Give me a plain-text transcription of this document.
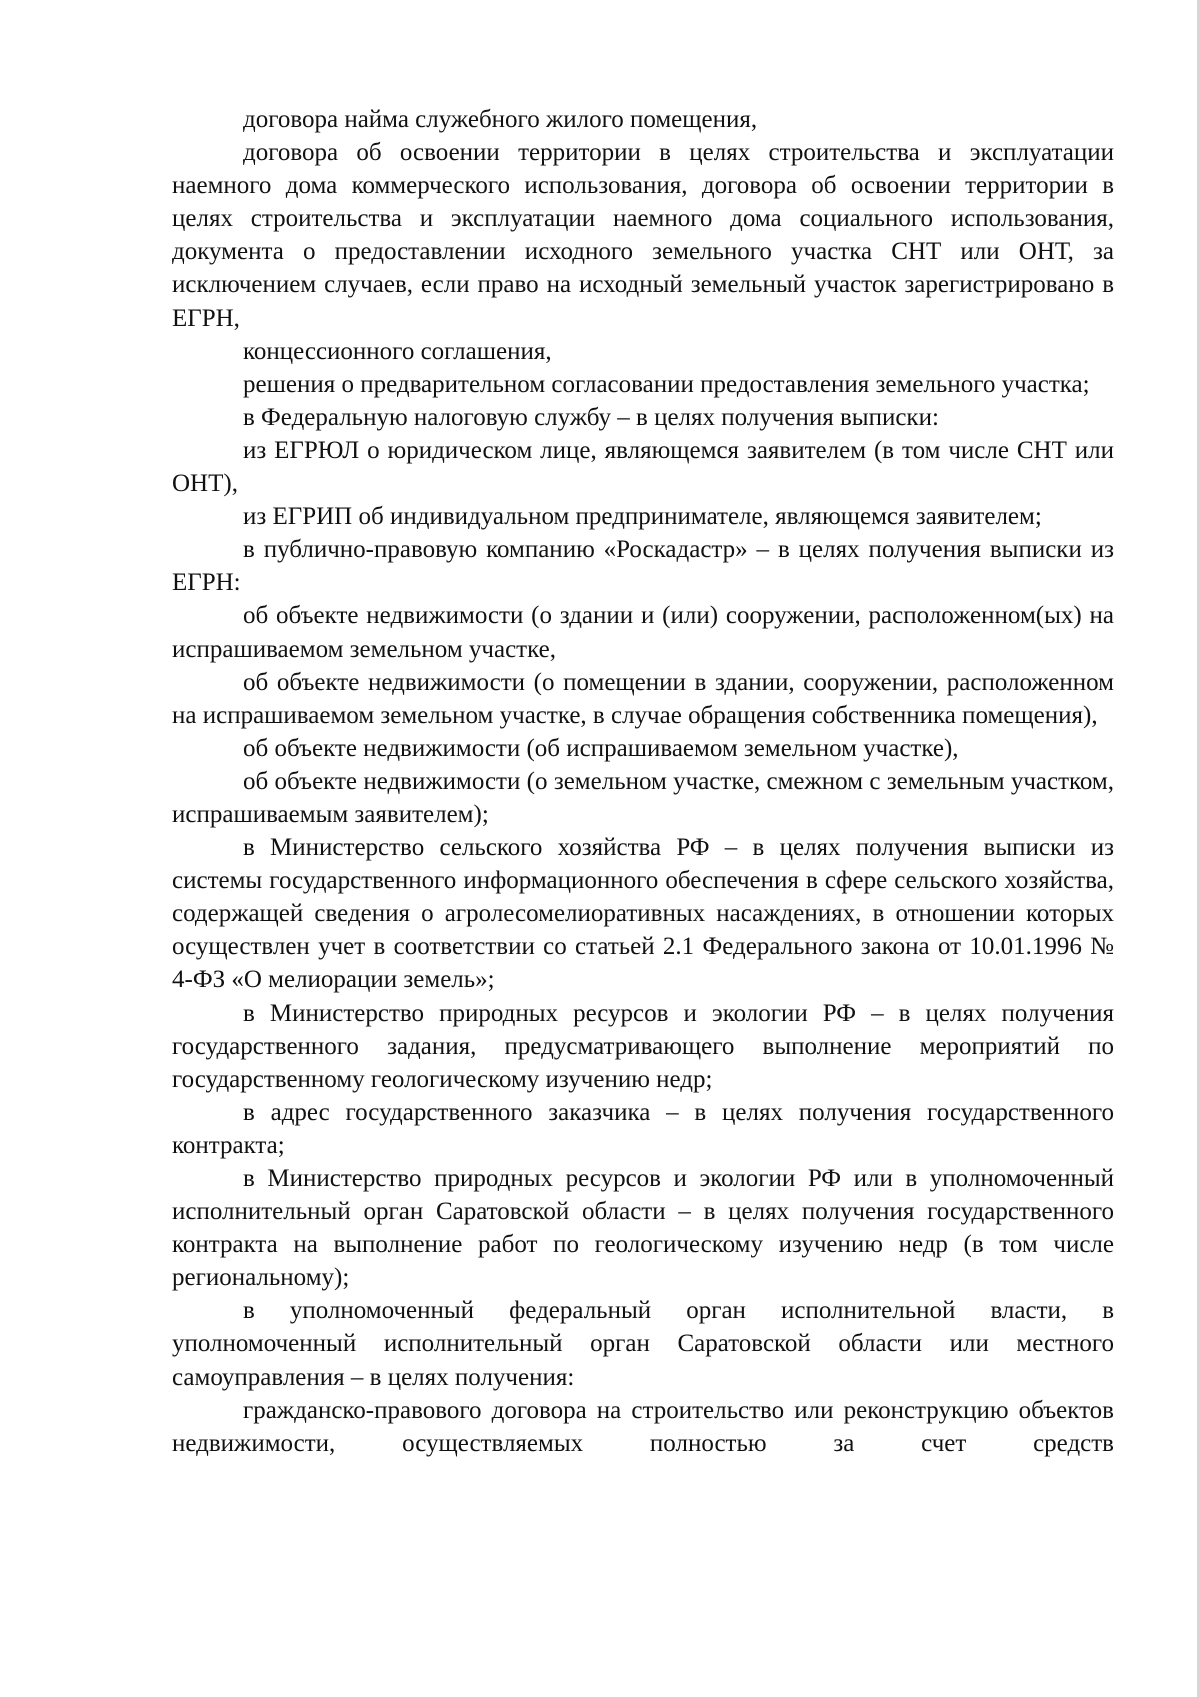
договора найма служебного жилого помещения,

договора об освоении территории в целях строительства и эксплуатации наемного дома коммерческого использования, договора об освоении территории в целях строительства и эксплуатации наемного дома социального использования, документа о предоставлении исходного земельного участка СНТ или ОНТ, за исключением случаев, если право на исходный земельный участок зарегистрировано в ЕГРН,

концессионного соглашения,

решения о предварительном согласовании предоставления земельного участка;

в Федеральную налоговую службу – в целях получения выписки:

из ЕГРЮЛ о юридическом лице, являющемся заявителем (в том числе СНТ или ОНТ),

из ЕГРИП об индивидуальном предпринимателе, являющемся заявителем;

в публично-правовую компанию «Роскадастр» – в целях получения выписки из ЕГРН:

об объекте недвижимости (о здании и (или) сооружении, расположенном(ых) на испрашиваемом земельном участке,

об объекте недвижимости (о помещении в здании, сооружении, расположенном на испрашиваемом земельном участке, в случае обращения собственника помещения),

об объекте недвижимости (об испрашиваемом земельном участке),

об объекте недвижимости (о земельном участке, смежном с земельным участком, испрашиваемым заявителем);

в Министерство сельского хозяйства РФ – в целях получения выписки из системы государственного информационного обеспечения в сфере сельского хозяйства, содержащей сведения о агролесомелиоративных насаждениях, в отношении которых осуществлен учет в соответствии со статьей 2.1 Федерального закона от 10.01.1996 № 4-ФЗ «О мелиорации земель»;

в Министерство природных ресурсов и экологии РФ – в целях получения государственного задания, предусматривающего выполнение мероприятий по государственному геологическому изучению недр;

в адрес государственного заказчика – в целях получения государственного контракта;

в Министерство природных ресурсов и экологии РФ или в уполномоченный исполнительный орган Саратовской области – в целях получения государственного контракта на выполнение работ по геологическому изучению недр (в том числе региональному);

в уполномоченный федеральный орган исполнительной власти, в уполномоченный исполнительный орган Саратовской области или местного самоуправления – в целях получения:

гражданско-правового договора на строительство или реконструкцию объектов недвижимости, осуществляемых полностью за счет средств
